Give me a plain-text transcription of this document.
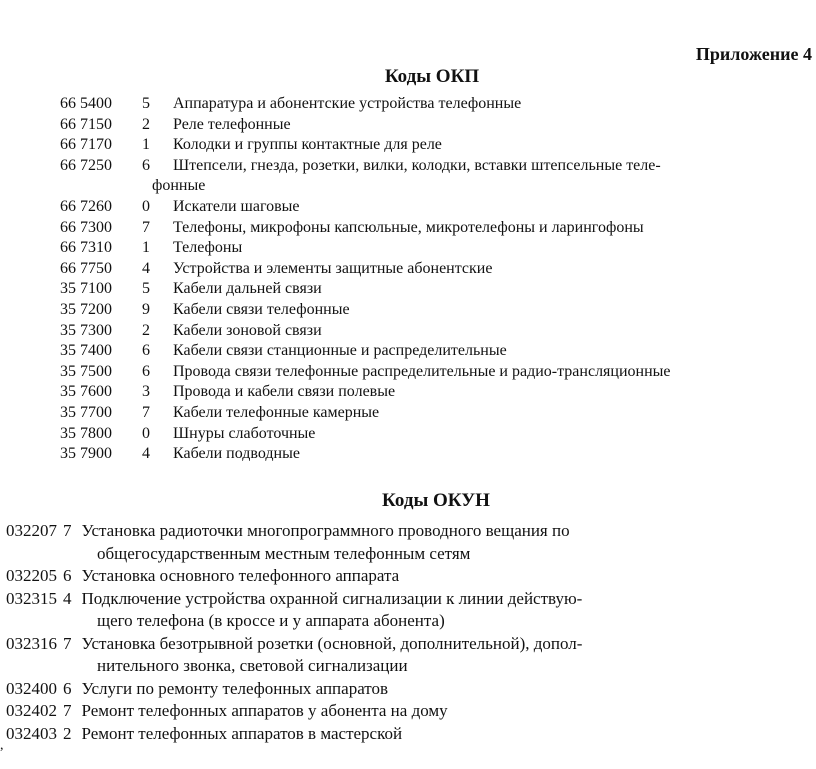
Приложение 4
Коды ОКП
66 5400	5	Аппаратура и абонентские устройства телефонные
66 7150	2	Реле телефонные
66 7170	1	Колодки и группы контактные для реле
66 7250	6	Штепсели, гнезда, розетки, вилки, колодки, вставки штепсельные теле-
фонные
66 7260	0	Искатели шаговые
66 7300	7	Телефоны, микрофоны капсюльные, микротелефоны и ларингофоны
66 7310	1	Телефоны
66 7750	4	Устройства и элементы защитные абонентские
35 7100	5	Кабели дальней связи
35 7200	9	Кабели связи телефонные
35 7300	2	Кабели зоновой связи
35 7400	6	Кабели связи станционные и распределительные
35 7500	6	Провода связи телефонные распределительные и радио-трансляционные
35 7600	3	Провода и кабели связи полевые
35 7700	7	Кабели телефонные камерные
35 7800	0	Шнуры слаботочные
35 7900	4	Кабели подводные
Коды ОКУН
032207 7 Установка радиоточки многопрограммного проводного вещания по
общегосударственным местным телефонным сетям
032205 6 Установка основного телефонного аппарата
032315 4 Подключение устройства охранной сигнализации к линии действую-
щего телефона (в кроссе и у аппарата абонента)
032316 7 Установка безотрывной розетки (основной, дополнительной), допол-
нительного звонка, световой сигнализации
032400 6 Услуги по ремонту телефонных аппаратов
032402 7 Ремонт телефонных аппаратов у абонента на дому
032403 2 Ремонт телефонных аппаратов в мастерской
,
